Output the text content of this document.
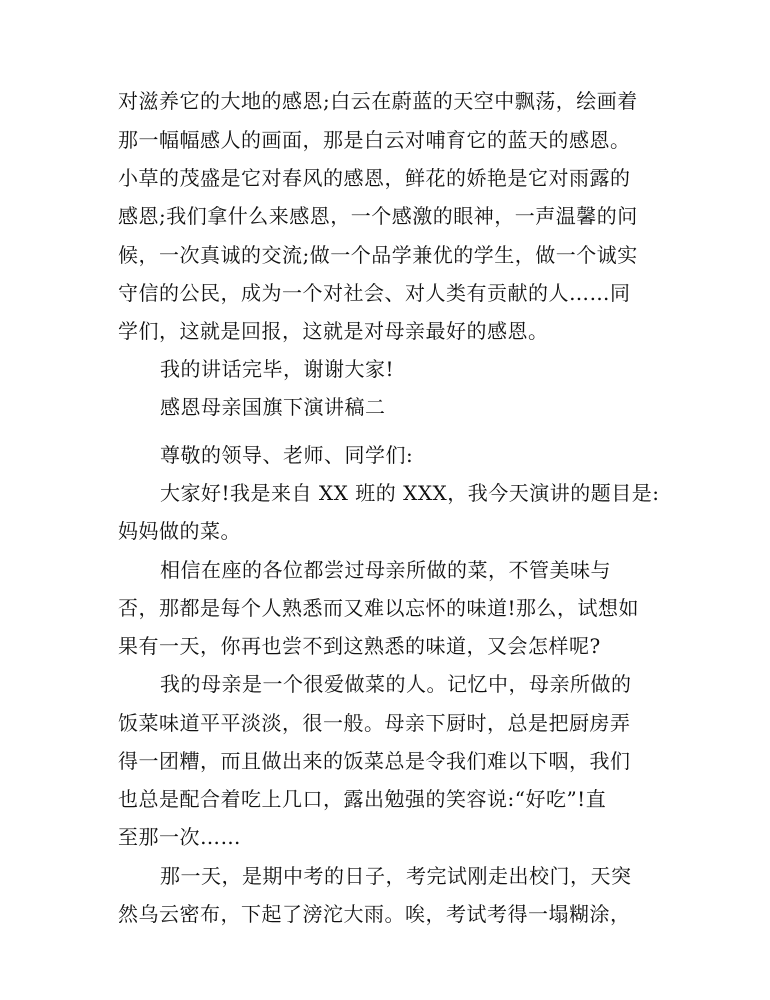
对滋养它的大地的感恩;白云在蔚蓝的天空中飘荡，绘画着
那一幅幅感人的画面，那是白云对哺育它的蓝天的感恩。
小草的茂盛是它对春风的感恩，鲜花的娇艳是它对雨露的
感恩;我们拿什么来感恩，一个感激的眼神，一声温馨的问
候，一次真诚的交流;做一个品学兼优的学生，做一个诚实
守信的公民，成为一个对社会、对人类有贡献的人……同
学们，这就是回报，这就是对母亲最好的感恩。
我的讲话完毕，谢谢大家!
感恩母亲国旗下演讲稿二
尊敬的领导、老师、同学们:
大家好!我是来自 XX 班的 XXX，我今天演讲的题目是:
妈妈做的菜。
相信在座的各位都尝过母亲所做的菜，不管美味与
否，那都是每个人熟悉而又难以忘怀的味道!那么，试想如
果有一天，你再也尝不到这熟悉的味道，又会怎样呢?
我的母亲是一个很爱做菜的人。记忆中，母亲所做的
饭菜味道平平淡淡，很一般。母亲下厨时，总是把厨房弄
得一团糟，而且做出来的饭菜总是令我们难以下咽，我们
也总是配合着吃上几口，露出勉强的笑容说:“好吃”!直
至那一次……
那一天，是期中考的日子，考完试刚走出校门，天突
然乌云密布，下起了滂沱大雨。唉，考试考得一塌糊涂，
